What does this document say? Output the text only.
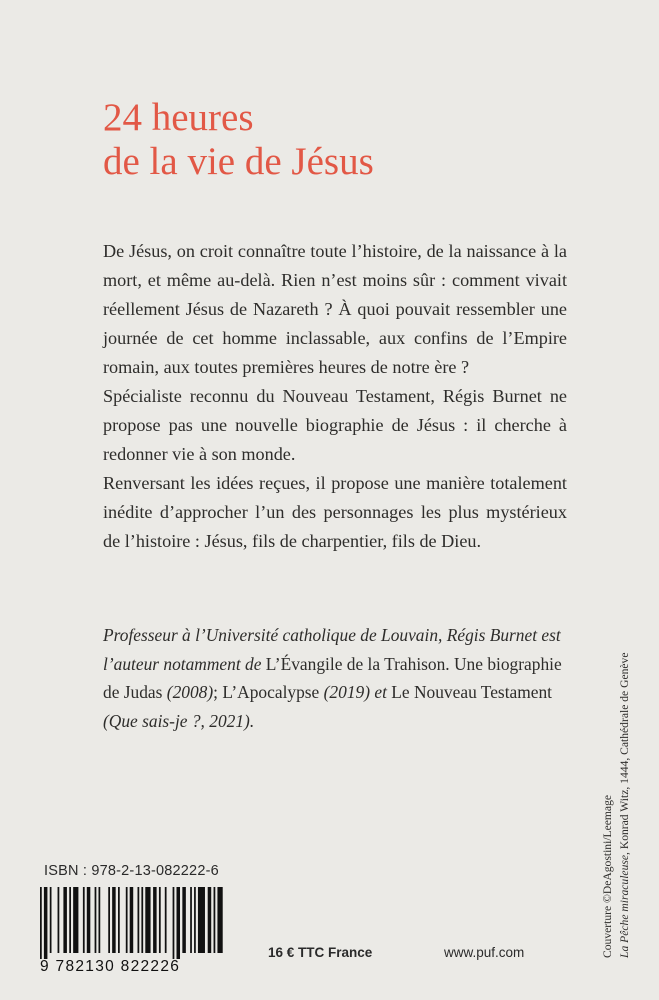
24 heures
de la vie de Jésus

De Jésus, on croit connaître toute l’histoire, de la naissance à la mort, et même au-delà. Rien n’est moins sûr : comment vivait réellement Jésus de Nazareth ? À quoi pouvait ressembler une journée de cet homme inclassable, aux confins de l’Empire romain, aux toutes premières heures de notre ère ?

Spécialiste reconnu du Nouveau Testament, Régis Burnet ne propose pas une nouvelle biographie de Jésus : il cherche à redonner vie à son monde.

Renversant les idées reçues, il propose une manière totalement inédite d’approcher l’un des personnages les plus mystérieux de l’histoire : Jésus, fils de charpentier, fils de Dieu.

Professeur à l’Université catholique de Louvain, Régis Burnet est l’auteur notamment de L’Évangile de la Trahison. Une biographie de Judas (2008); L’Apocalypse (2019) et Le Nouveau Testament (Que sais-je ?, 2021).

ISBN : 978-2-13-082222-6
9 782130 822226
16 € TTC France	www.puf.com	Couverture ©DeAgostini/Leemage La Pêche miraculeuse, Konrad Witz, 1444, Cathédrale de Genève
